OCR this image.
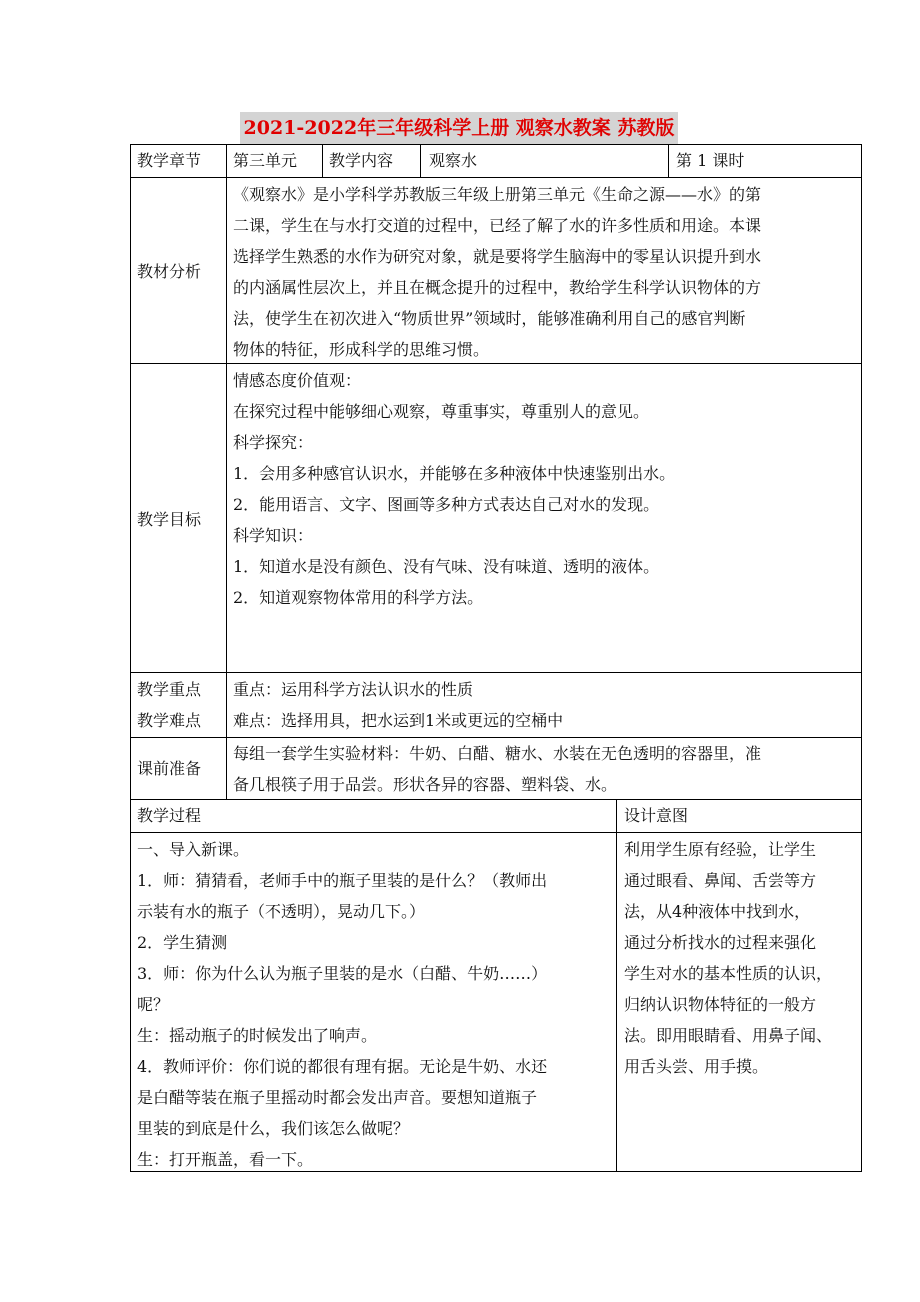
2021-2022年三年级科学上册 观察水教案 苏教版
教学章节 第三单元 教学内容 观察水	第 1 课时
教材分析
《观察水》是小学科学苏教版三年级上册第三单元《生命之源——水》的第
二课，学生在与水打交道的过程中，已经了解了水的许多性质和用途。本课
选择学生熟悉的水作为研究对象，就是要将学生脑海中的零星认识提升到水
的内涵属性层次上，并且在概念提升的过程中，教给学生科学认识物体的方
法，使学生在初次进入“物质世界”领域时，能够准确利用自己的感官判断
物体的特征，形成科学的思维习惯。
教学目标
情感态度价值观：
在探究过程中能够细心观察，尊重事实，尊重别人的意见。
科学探究：
1．会用多种感官认识水，并能够在多种液体中快速鉴别出水。
2．能用语言、文字、图画等多种方式表达自己对水的发现。
科学知识：
1．知道水是没有颜色、没有气味、没有味道、透明的液体。
2．知道观察物体常用的科学方法。
教学重点
教学难点
重点：运用科学方法认识水的性质
难点：选择用具，把水运到1米或更远的空桶中
课前准备
每组一套学生实验材料：牛奶、白醋、糖水、水装在无色透明的容器里，准
备几根筷子用于品尝。形状各异的容器、塑料袋、水。
教学过程	设计意图
一、导入新课。
1．师：猜猜看，老师手中的瓶子里装的是什么？（教师出
示装有水的瓶子（不透明），晃动几下。）
2．学生猜测
3．师：你为什么认为瓶子里装的是水（白醋、牛奶……）
呢？
生：摇动瓶子的时候发出了响声。
4．教师评价：你们说的都很有理有据。无论是牛奶、水还
是白醋等装在瓶子里摇动时都会发出声音。要想知道瓶子
里装的到底是什么，我们该怎么做呢？
生：打开瓶盖，看一下。
利用学生原有经验，让学生
通过眼看、鼻闻、舌尝等方
法，从4种液体中找到水，
通过分析找水的过程来强化
学生对水的基本性质的认识，
归纳认识物体特征的一般方
法。即用眼睛看、用鼻子闻、
用舌头尝、用手摸。
